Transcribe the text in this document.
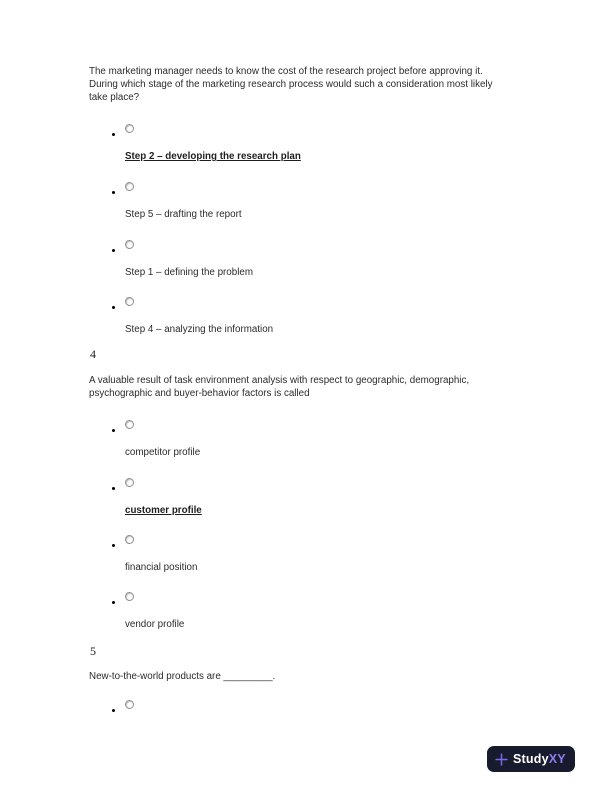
The marketing manager needs to know the cost of the research project before approving it.
During which stage of the marketing research process would such a consideration most likely
take place?
Step 2 – developing the research plan
Step 5 – drafting the report
Step 1 – defining the problem
Step 4 – analyzing the information
4
A valuable result of task environment analysis with respect to geographic, demographic,
psychographic and buyer-behavior factors is called
competitor profile
customer profile
financial position
vendor profile
5
New-to-the-world products are _________.
StudyXY
